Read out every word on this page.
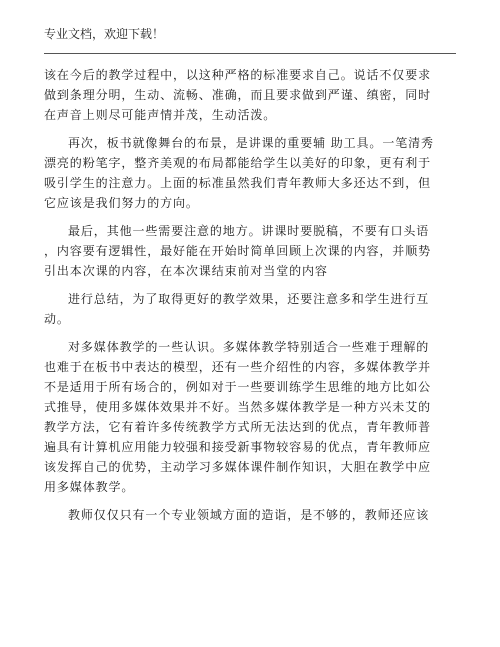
专业文档，欢迎下载！

该在今后的教学过程中，以这种严格的标准要求自己。说话不仅要求

做到条理分明，生动、流畅、准确，而且要求做到严谨、缜密，同时

在声音上则尽可能声情并茂，生动活泼。

再次，板书就像舞台的布景，是讲课的重要辅 助工具。一笔清秀

漂亮的粉笔字，整齐美观的布局都能给学生以美好的印象，更有利于

吸引学生的注意力。上面的标准虽然我们青年教师大多还达不到，但

它应该是我们努力的方向。

最后，其他一些需要注意的地方。讲课时要脱稿，不要有口头语

，内容要有逻辑性，最好能在开始时简单回顾上次课的内容，并顺势

引出本次课的内容，在本次课结束前对当堂的内容

进行总结，为了取得更好的教学效果，还要注意多和学生进行互

动。

对多媒体教学的一些认识。多媒体教学特别适合一些难于理解的

也难于在板书中表达的模型，还有一些介绍性的内容，多媒体教学并

不是适用于所有场合的，例如对于一些要训练学生思维的地方比如公

式推导，使用多媒体效果并不好。当然多媒体教学是一种方兴未艾的

教学方法，它有着许多传统教学方式所无法达到的优点，青年教师普

遍具有计算机应用能力较强和接受新事物较容易的优点，青年教师应

该发挥自己的优势，主动学习多媒体课件制作知识，大胆在教学中应

用多媒体教学。

教师仅仅只有一个专业领域方面的造诣，是不够的，教师还应该
